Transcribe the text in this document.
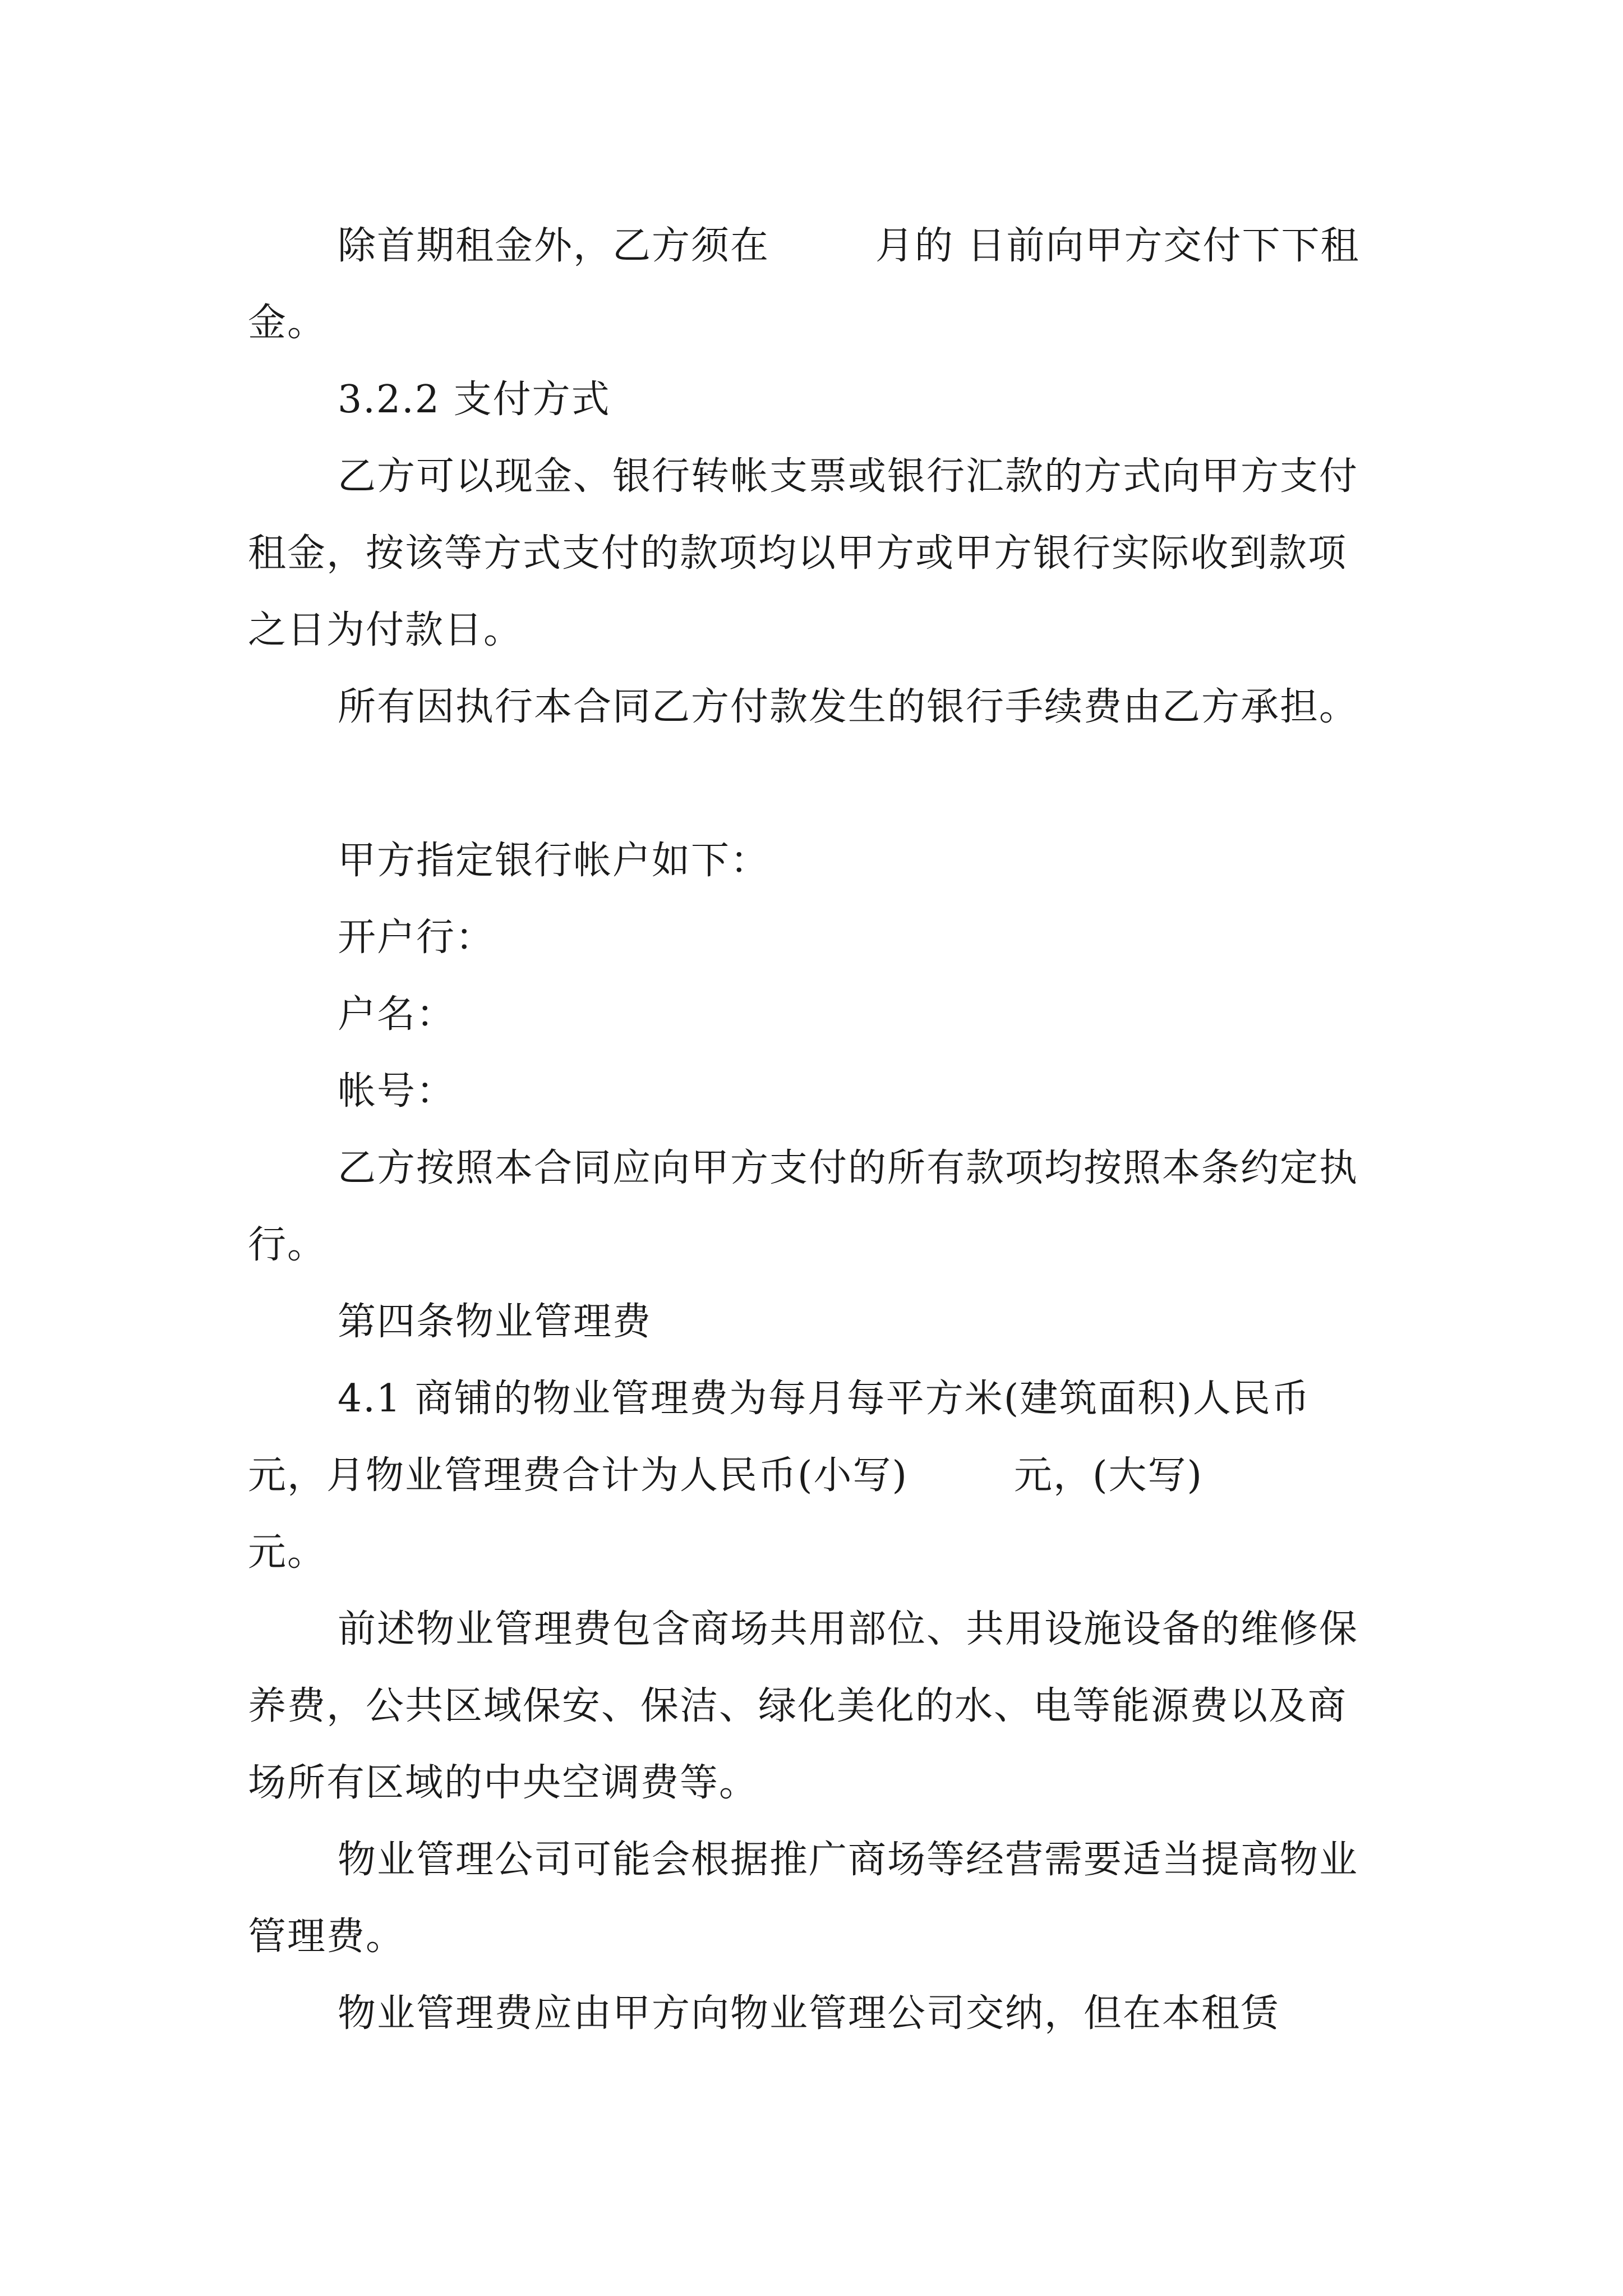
除首期租金外，乙方须在        月的 日前向甲方交付下下租金。

3.2.2 支付方式

乙方可以现金、银行转帐支票或银行汇款的方式向甲方支付租金，按该等方式支付的款项均以甲方或甲方银行实际收到款项之日为付款日。

所有因执行本合同乙方付款发生的银行手续费由乙方承担。

甲方指定银行帐户如下：

开户行：

户名：

帐号：

乙方按照本合同应向甲方支付的所有款项均按照本条约定执行。

第四条物业管理费

4.1 商铺的物业管理费为每月每平方米(建筑面积)人民币        元，月物业管理费合计为人民币(小写)        元，(大写)        元。

前述物业管理费包含商场共用部位、共用设施设备的维修保养费，公共区域保安、保洁、绿化美化的水、电等能源费以及商场所有区域的中央空调费等。

物业管理公司可能会根据推广商场等经营需要适当提高物业管理费。

物业管理费应由甲方向物业管理公司交纳，但在本租赁
